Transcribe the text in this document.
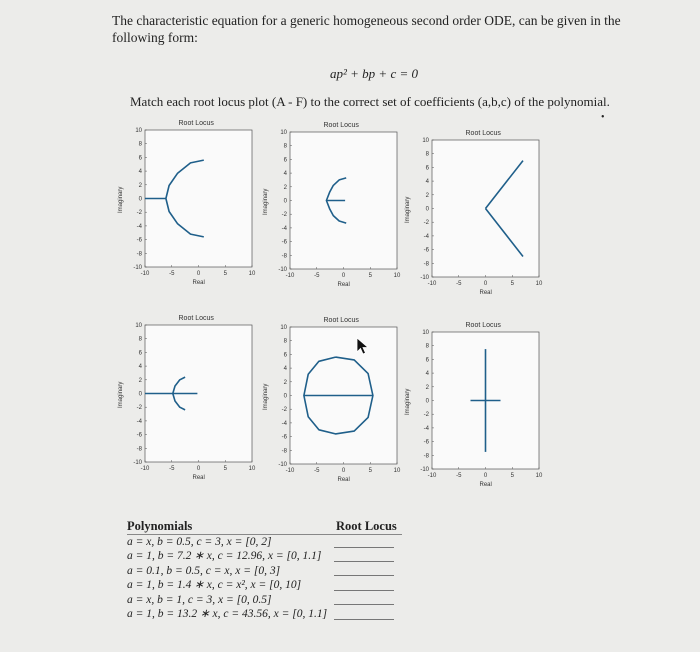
The characteristic equation for a generic homogeneous second order ODE, can be given in the following form:
ap² + bp + c = 0
Match each root locus plot (A - F) to the correct set of coefficients (a,b,c) of the polynomial.
•
Root Locus
Imaginary
Real
10
8
6
4
2
0
-2
-4
-6
-8
-10
-10	-5	0	5	10
Root Locus
Imaginary
Real
10
8
6
4
2
0
-2
-4
-6
-8
-10
-10	-5	0	5	10
Root Locus
Imaginary
Real
10
8
6
4
2
0
-2
-4
-6
-8
-10
-10	-5	0	5	10
Root Locus
Imaginary
Real
10
8
6
4
2
0
-2
-4
-6
-8
-10
-10	-5	0	5	10
Root Locus
Imaginary
Real
10
8
6
4
2
0
-2
-4
-6
-8
-10
-10	-5	0	5	10
Root Locus
Imaginary
Real
10
8
6
4
2
0
-2
-4
-6
-8
-10
-10	-5	0	5	10
Polynomials	Root Locus
a = x, b = 0.5, c = 3, x = [0, 2]
a = 1, b = 7.2 ∗ x, c = 12.96, x = [0, 1.1]
a = 0.1, b = 0.5, c = x, x = [0, 3]
a = 1, b = 1.4 ∗ x, c = x², x = [0, 10]
a = x, b = 1, c = 3, x = [0, 0.5]
a = 1, b = 13.2 ∗ x, c = 43.56, x = [0, 1.1]
